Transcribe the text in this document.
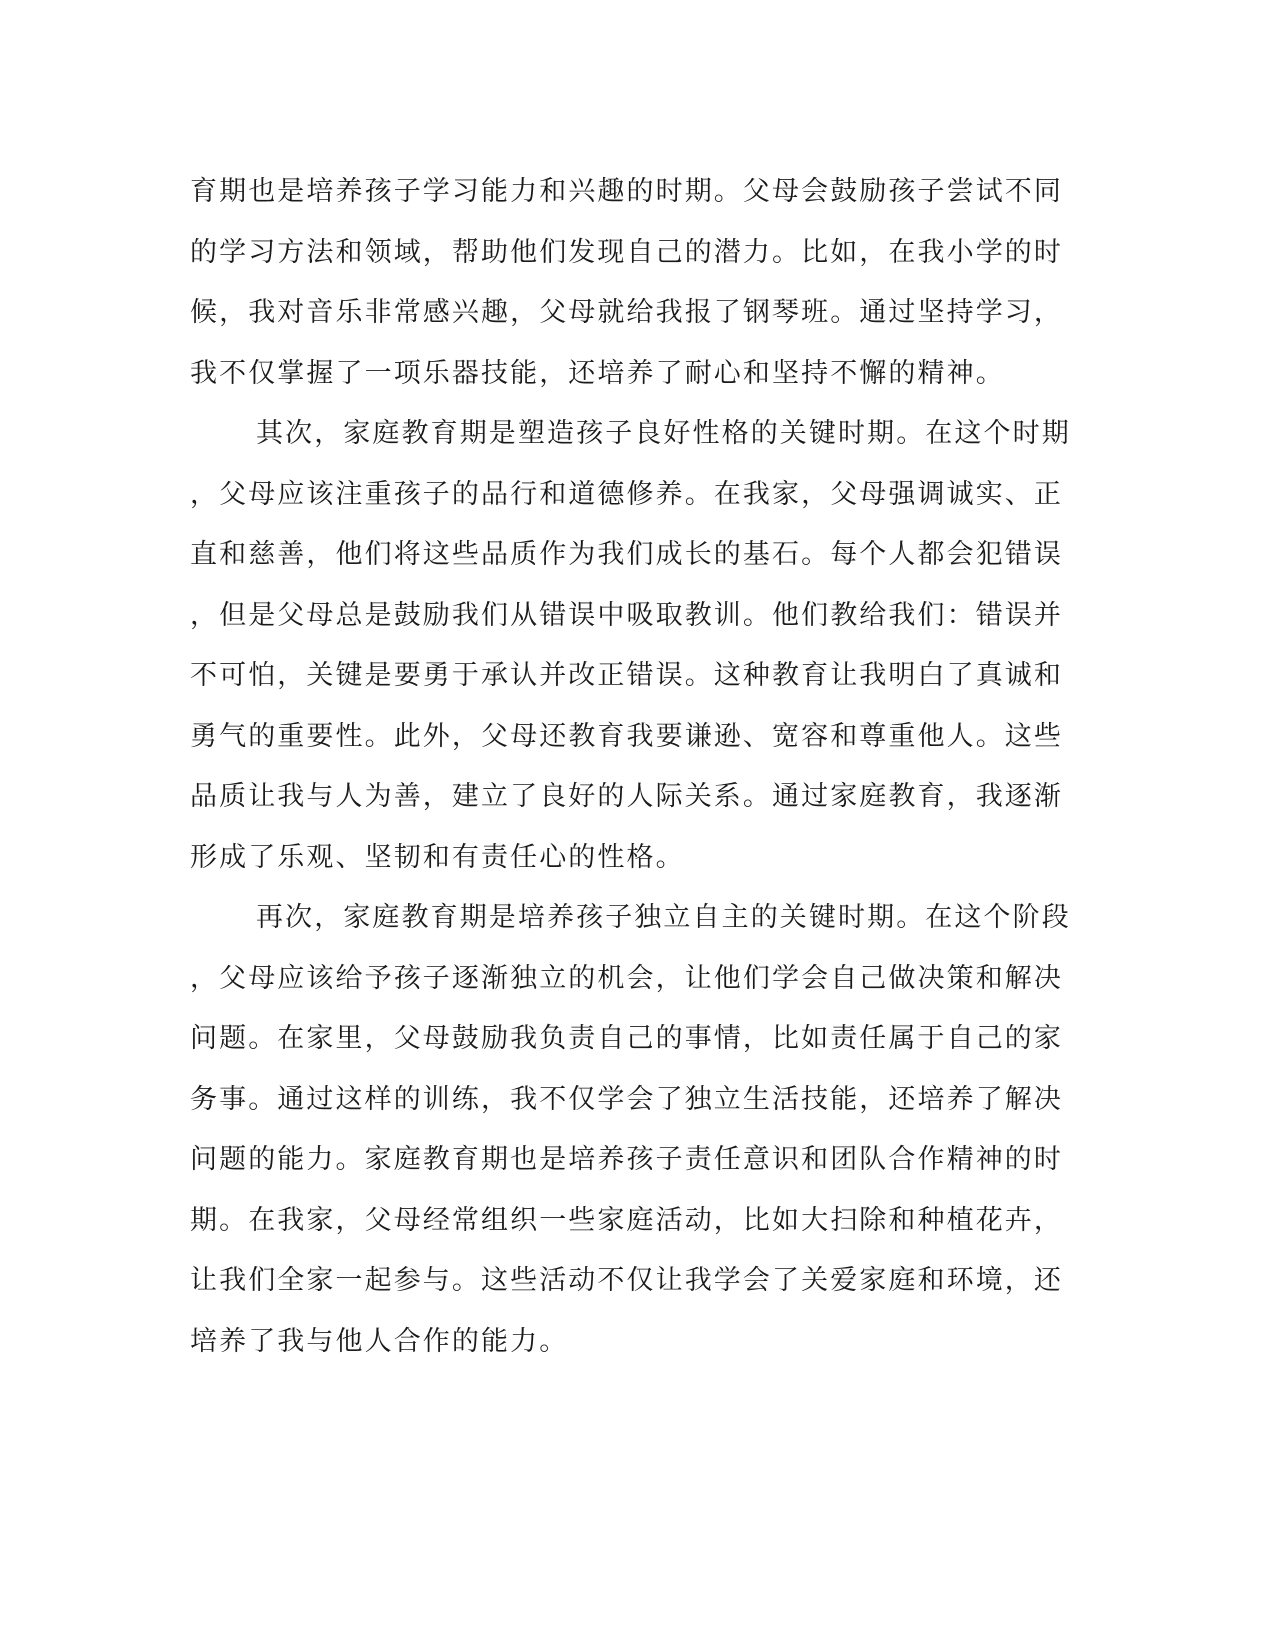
育期也是培养孩子学习能力和兴趣的时期。父母会鼓励孩子尝试不同
的学习方法和领域，帮助他们发现自己的潜力。比如，在我小学的时
候，我对音乐非常感兴趣，父母就给我报了钢琴班。通过坚持学习，
我不仅掌握了一项乐器技能，还培养了耐心和坚持不懈的精神。
其次，家庭教育期是塑造孩子良好性格的关键时期。在这个时期
，父母应该注重孩子的品行和道德修养。在我家，父母强调诚实、正
直和慈善，他们将这些品质作为我们成长的基石。每个人都会犯错误
，但是父母总是鼓励我们从错误中吸取教训。他们教给我们：错误并
不可怕，关键是要勇于承认并改正错误。这种教育让我明白了真诚和
勇气的重要性。此外，父母还教育我要谦逊、宽容和尊重他人。这些
品质让我与人为善，建立了良好的人际关系。通过家庭教育，我逐渐
形成了乐观、坚韧和有责任心的性格。
再次，家庭教育期是培养孩子独立自主的关键时期。在这个阶段
，父母应该给予孩子逐渐独立的机会，让他们学会自己做决策和解决
问题。在家里，父母鼓励我负责自己的事情，比如责任属于自己的家
务事。通过这样的训练，我不仅学会了独立生活技能，还培养了解决
问题的能力。家庭教育期也是培养孩子责任意识和团队合作精神的时
期。在我家，父母经常组织一些家庭活动，比如大扫除和种植花卉，
让我们全家一起参与。这些活动不仅让我学会了关爱家庭和环境，还
培养了我与他人合作的能力。
